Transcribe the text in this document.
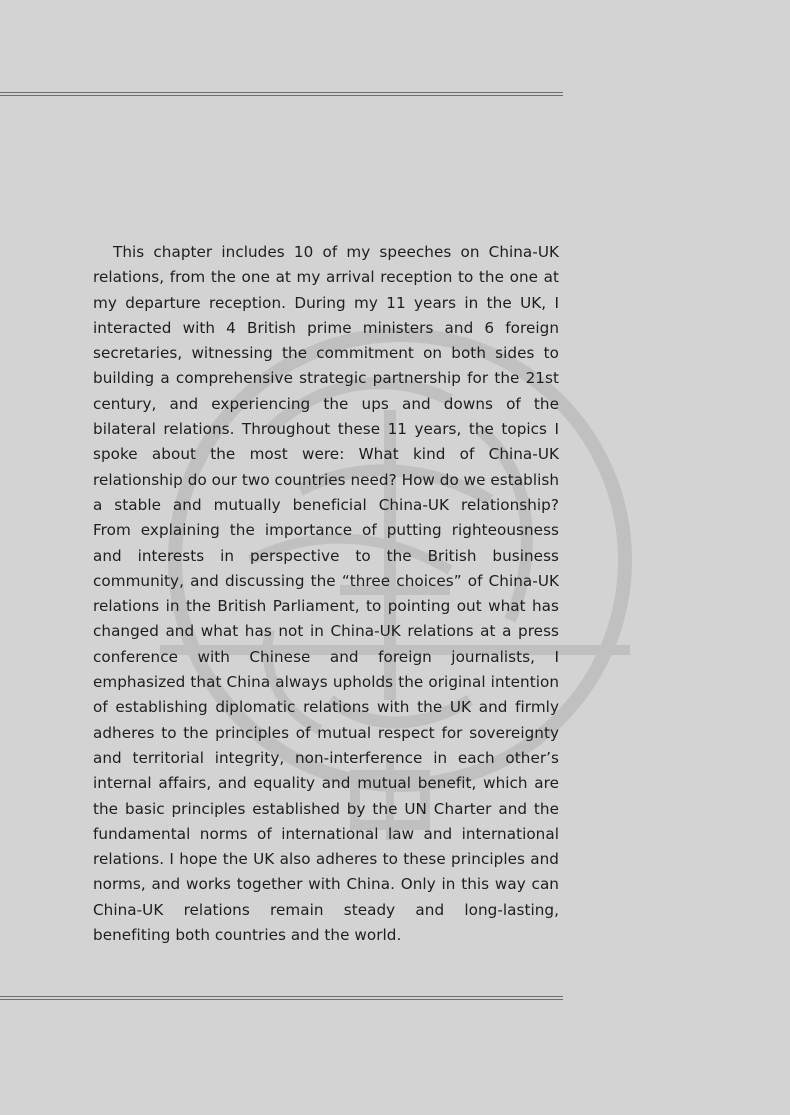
This chapter includes 10 of my speeches on China-UK relations, from the one at my arrival reception to the one at my departure reception. During my 11 years in the UK, I interacted with 4 British prime ministers and 6 foreign secretaries, witnessing the commitment on both sides to building a comprehensive strategic partnership for the 21st century, and experiencing the ups and downs of the bilateral relations. Throughout these 11 years, the topics I spoke about the most were: What kind of China-UK relationship do our two countries need? How do we establish a stable and mutually beneficial China-UK relationship? From explaining the importance of putting righteousness and interests in perspective to the British business community, and discussing the “three choices” of China-UK relations in the British Parliament, to pointing out what has changed and what has not in China-UK relations at a press conference with Chinese and foreign journalists, I emphasized that China always upholds the original intention of establishing diplomatic relations with the UK and firmly adheres to the principles of mutual respect for sovereignty and territorial integrity, non-interference in each other’s internal affairs, and equality and mutual benefit, which are the basic principles established by the UN Charter and the fundamental norms of international law and international relations. I hope the UK also adheres to these principles and norms, and works together with China. Only in this way can China-UK relations remain steady and long-lasting, benefiting both countries and the world.
